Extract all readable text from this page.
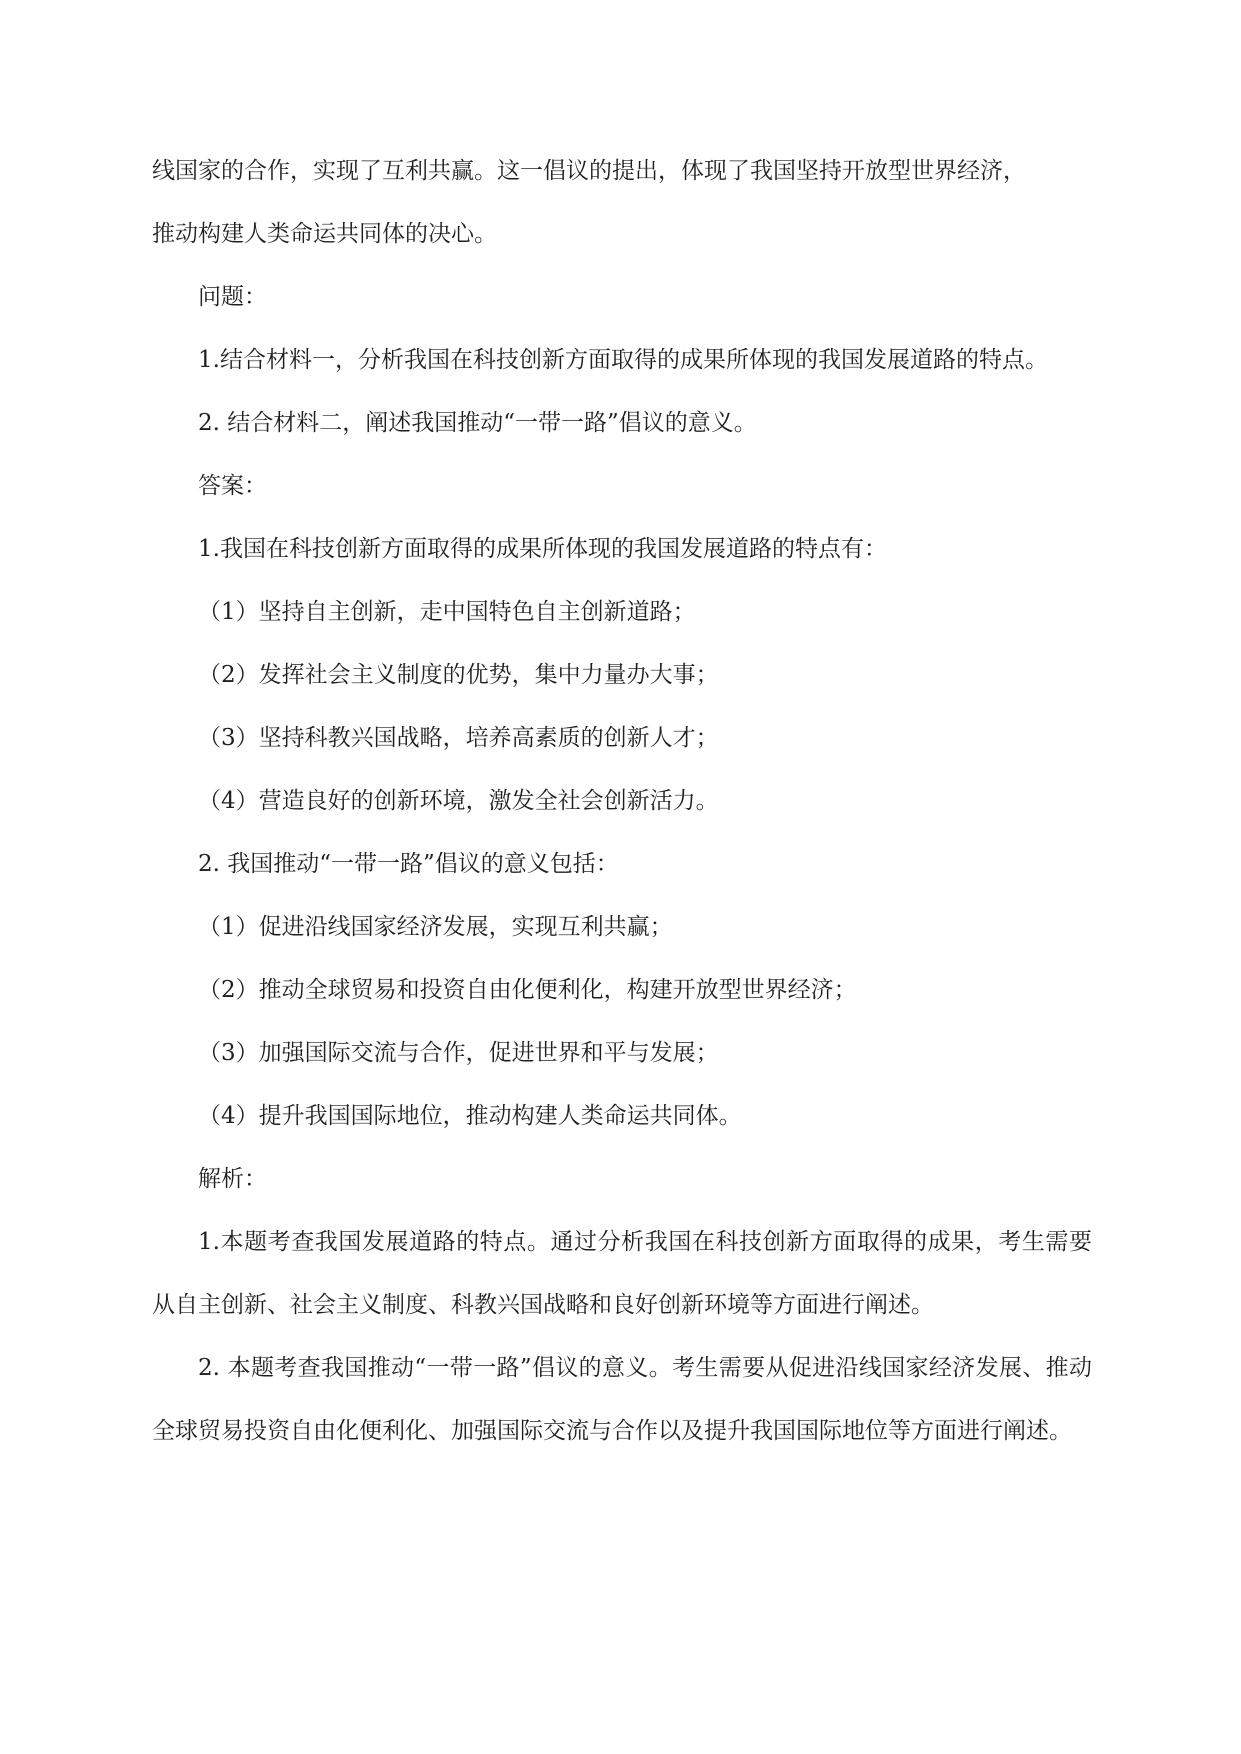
线国家的合作，实现了互利共赢。这一倡议的提出，体现了我国坚持开放型世界经济，

推动构建人类命运共同体的决心。

问题：

1.结合材料一，分析我国在科技创新方面取得的成果所体现的我国发展道路的特点。

2. 结合材料二，阐述我国推动“一带一路”倡议的意义。

答案：

1.我国在科技创新方面取得的成果所体现的我国发展道路的特点有：

（1）坚持自主创新，走中国特色自主创新道路；

（2）发挥社会主义制度的优势，集中力量办大事；

（3）坚持科教兴国战略，培养高素质的创新人才；

（4）营造良好的创新环境，激发全社会创新活力。

2. 我国推动“一带一路”倡议的意义包括：

（1）促进沿线国家经济发展，实现互利共赢；

（2）推动全球贸易和投资自由化便利化，构建开放型世界经济；

（3）加强国际交流与合作，促进世界和平与发展；

（4）提升我国国际地位，推动构建人类命运共同体。

解析：

1.本题考查我国发展道路的特点。通过分析我国在科技创新方面取得的成果，考生需要从自主创新、社会主义制度、科教兴国战略和良好创新环境等方面进行阐述。

2. 本题考查我国推动“一带一路”倡议的意义。考生需要从促进沿线国家经济发展、推动全球贸易投资自由化便利化、加强国际交流与合作以及提升我国国际地位等方面进行阐述。
